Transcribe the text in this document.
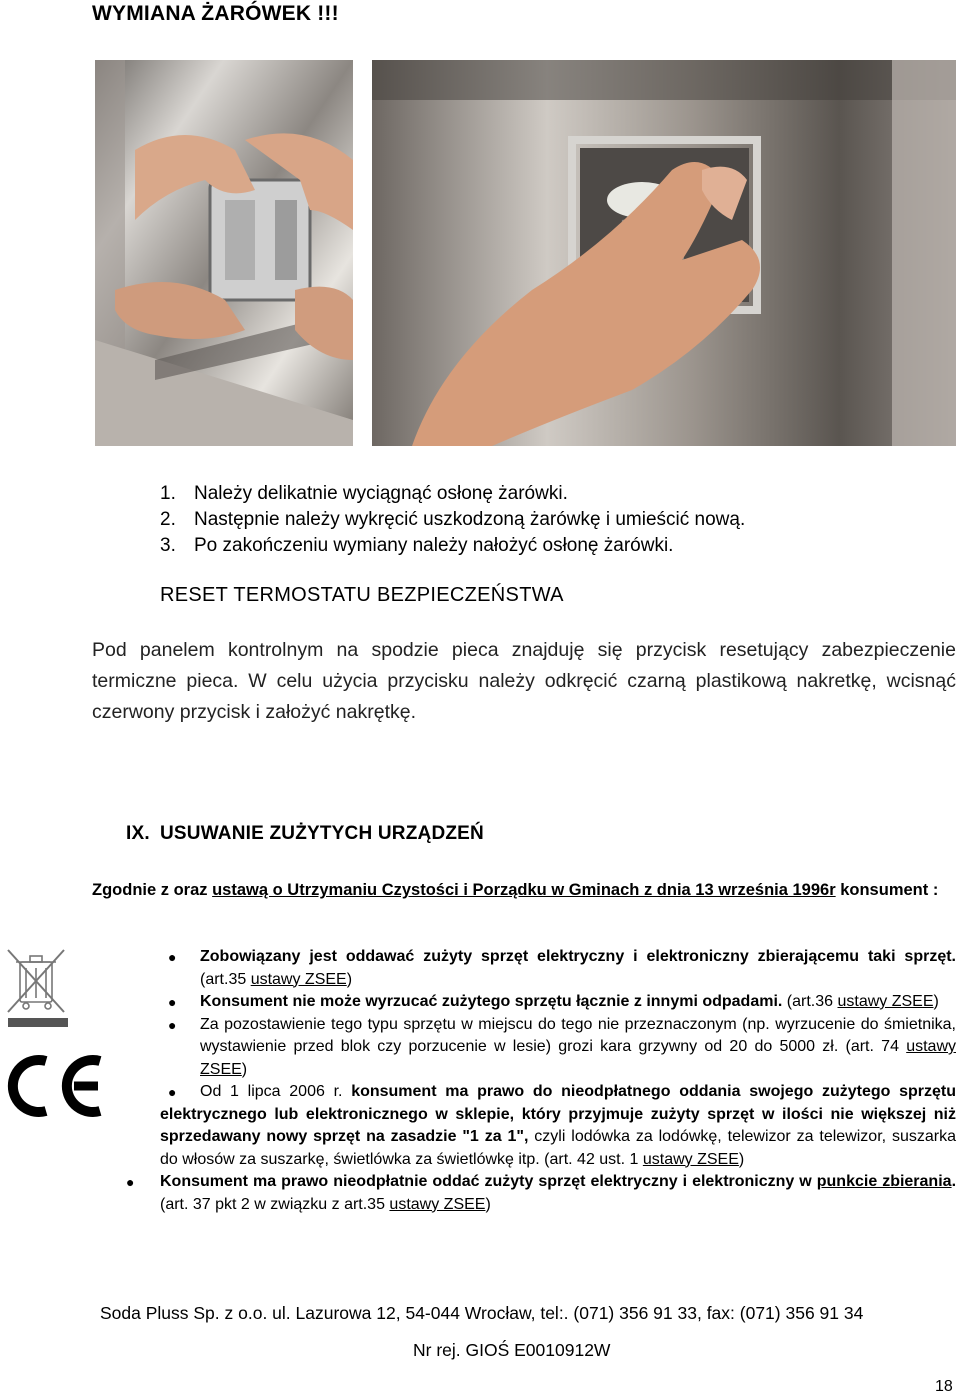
WYMIANA ŻARÓWEK !!!
1. Należy delikatnie wyciągnąć osłonę żarówki.
2. Następnie należy wykręcić uszkodzoną żarówkę i umieścić nową.
3. Po zakończeniu wymiany należy nałożyć osłonę żarówki.
RESET TERMOSTATU BEZPIECZEŃSTWA
Pod panelem kontrolnym na spodzie pieca znajduję się przycisk resetujący zabezpieczenie termiczne pieca. W celu użycia przycisku należy odkręcić czarną plastikową nakretkę, wcisnąć czerwony przycisk i założyć nakrętkę.
IX. USUWANIE ZUŻYTYCH URZĄDZEŃ
Zgodnie z oraz ustawą o Utrzymaniu Czystości i Porządku w Gminach z dnia 13 września 1996r konsument :
● Zobowiązany jest oddawać zużyty sprzęt elektryczny i elektroniczny zbierającemu taki sprzęt. (art.35 ustawy ZSEE)
● Konsument nie może wyrzucać zużytego sprzętu łącznie z innymi odpadami. (art.36 ustawy ZSEE)
● Za pozostawienie tego typu sprzętu w miejscu do tego nie przeznaczonym (np. wyrzucenie do śmietnika, wystawienie przed blok czy porzucenie w lesie) grozi kara grzywny od 20 do 5000 zł. (art. 74 ustawy ZSEE)
● Od 1 lipca 2006 r. konsument ma prawo do nieodpłatnego oddania swojego zużytego sprzętu elektrycznego lub elektronicznego w sklepie, który przyjmuje zużyty sprzęt w ilości nie większej niż sprzedawany nowy sprzęt na zasadzie "1 za 1", czyli lodówka za lodówkę, telewizor za telewizor, suszarka do włosów za suszarkę, świetlówka za świetlówkę itp. (art. 42 ust. 1 ustawy ZSEE)
● Konsument ma prawo nieodpłatnie oddać zużyty sprzęt elektryczny i elektroniczny w punkcie zbierania. (art. 37 pkt 2 w związku z art.35 ustawy ZSEE)
Soda Pluss Sp. z o.o. ul. Lazurowa 12, 54-044 Wrocław, tel:. (071) 356 91 33, fax: (071) 356 91 34
Nr rej. GIOŚ E0010912W
18
